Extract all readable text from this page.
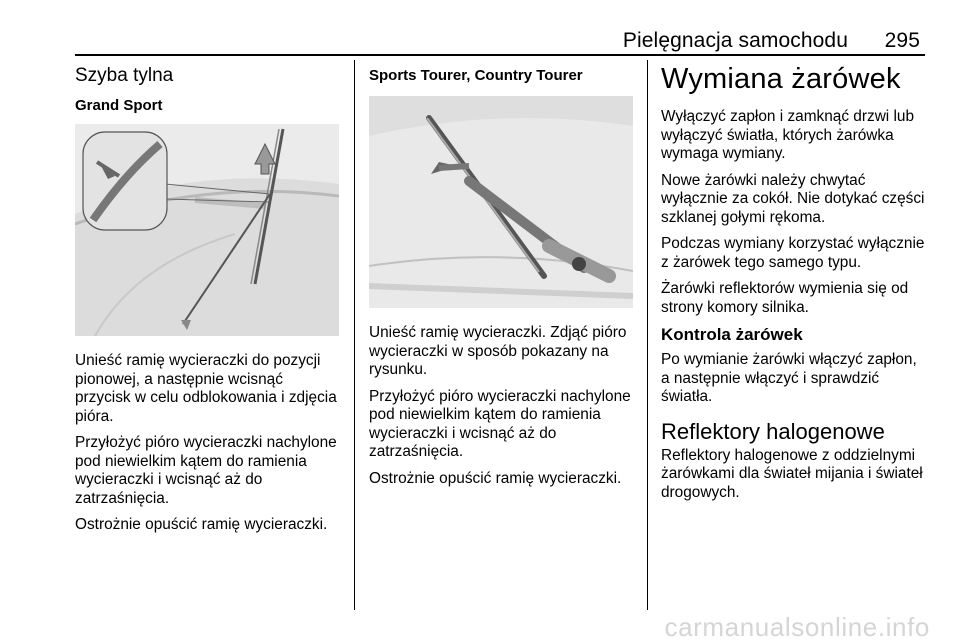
Pielęgnacja samochodu 295
Szyba tylna
Grand Sport

Unieść ramię wycieraczki do pozycji pionowej, a następnie wcisnąć przycisk w celu odblokowania i zdjęcia pióra.

Przyłożyć pióro wycieraczki nachylone pod niewielkim kątem do ramienia wycieraczki i wcisnąć aż do zatrzaśnięcia.

Ostrożnie opuścić ramię wycieraczki.

Sports Tourer, Country Tourer

Unieść ramię wycieraczki. Zdjąć pióro wycieraczki w sposób pokazany na rysunku.

Przyłożyć pióro wycieraczki nachylone pod niewielkim kątem do ramienia wycieraczki i wcisnąć aż do zatrzaśnięcia.

Ostrożnie opuścić ramię wycieraczki.

Wymiana żarówek

Wyłączyć zapłon i zamknąć drzwi lub wyłączyć światła, których żarówka wymaga wymiany.

Nowe żarówki należy chwytać wyłącznie za cokół. Nie dotykać części szklanej gołymi rękoma.

Podczas wymiany korzystać wyłącznie z żarówek tego samego typu.

Żarówki reflektorów wymienia się od strony komory silnika.

Kontrola żarówek

Po wymianie żarówki włączyć zapłon, a następnie włączyć i sprawdzić światła.

Reflektory halogenowe

Reflektory halogenowe z oddzielnymi żarówkami dla świateł mijania i świateł drogowych.

carmanualsonline.info
